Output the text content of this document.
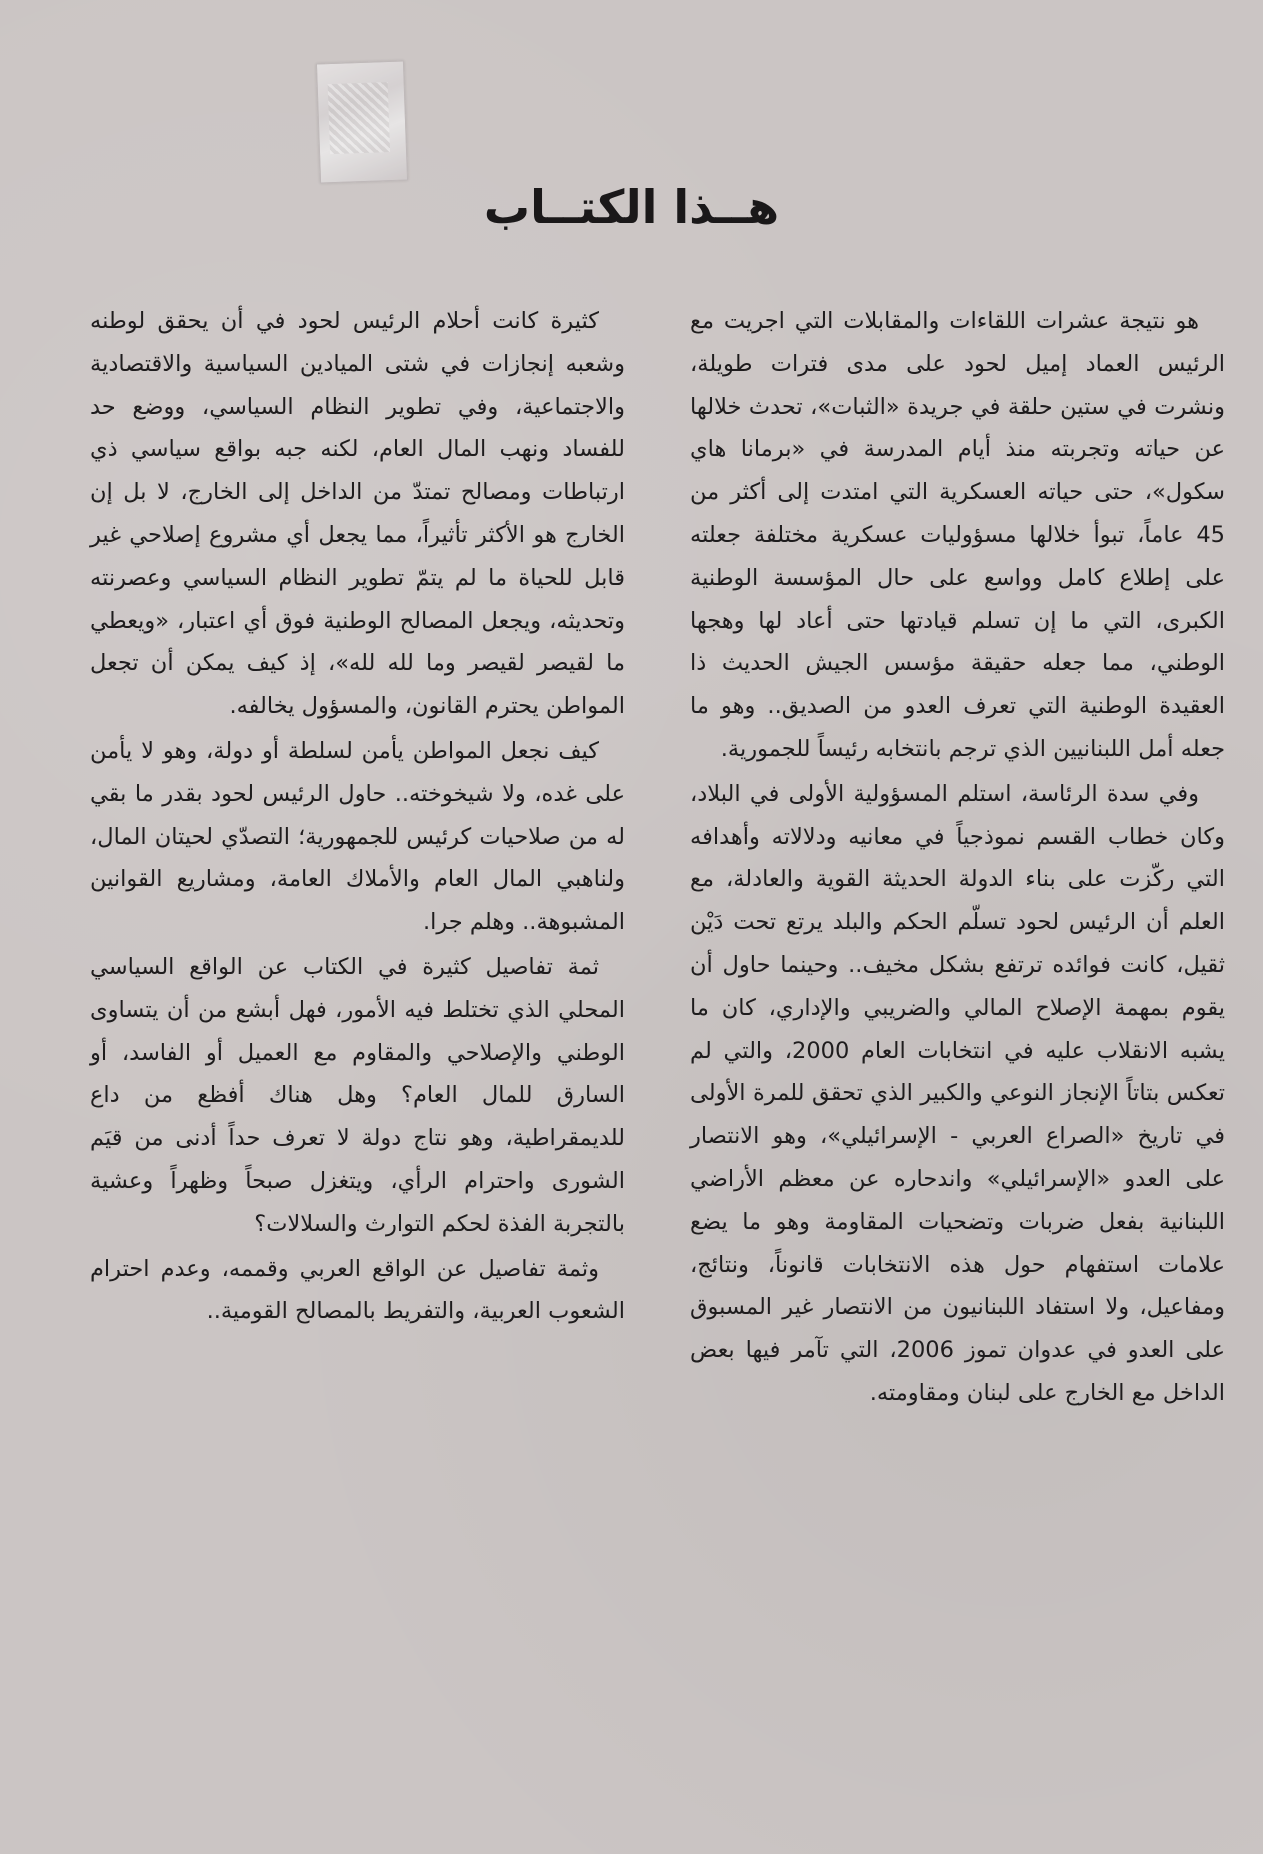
هــذا الكتــاب

هو نتيجة عشرات اللقاءات والمقابلات التي اجريت مع الرئيس العماد إميل لحود على مدى فترات طويلة، ونشرت في ستين حلقة في جريدة «الثبات»، تحدث خلالها عن حياته وتجربته منذ أيام المدرسة في «برمانا هاي سكول»، حتى حياته العسكرية التي امتدت إلى أكثر من 45 عاماً، تبوأ خلالها مسؤوليات عسكرية مختلفة جعلته على إطلاع كامل وواسع على حال المؤسسة الوطنية الكبرى، التي ما إن تسلم قيادتها حتى أعاد لها وهجها الوطني، مما جعله حقيقة مؤسس الجيش الحديث ذا العقيدة الوطنية التي تعرف العدو من الصديق.. وهو ما جعله أمل اللبنانيين الذي ترجم بانتخابه رئيساً للجمورية.

وفي سدة الرئاسة، استلم المسؤولية الأولى في البلاد، وكان خطاب القسم نموذجياً في معانيه ودلالاته وأهدافه التي ركّزت على بناء الدولة الحديثة القوية والعادلة، مع العلم أن الرئيس لحود تسلّم الحكم والبلد يرتع تحت دَيْن ثقيل، كانت فوائده ترتفع بشكل مخيف.. وحينما حاول أن يقوم بمهمة الإصلاح المالي والضريبي والإداري، كان ما يشبه الانقلاب عليه في انتخابات العام 2000، والتي لم تعكس بتاتاً الإنجاز النوعي والكبير الذي تحقق للمرة الأولى في تاريخ «الصراع العربي - الإسرائيلي»، وهو الانتصار على العدو «الإسرائيلي» واندحاره عن معظم الأراضي اللبنانية بفعل ضربات وتضحيات المقاومة وهو ما يضع علامات استفهام حول هذه الانتخابات قانوناً، ونتائج، ومفاعيل، ولا استفاد اللبنانيون من الانتصار غير المسبوق على العدو في عدوان تموز 2006، التي تآمر فيها بعض الداخل مع الخارج على لبنان ومقاومته.

كثيرة كانت أحلام الرئيس لحود في أن يحقق لوطنه وشعبه إنجازات في شتى الميادين السياسية والاقتصادية والاجتماعية، وفي تطوير النظام السياسي، ووضع حد للفساد ونهب المال العام، لكنه جبه بواقع سياسي ذي ارتباطات ومصالح تمتدّ من الداخل إلى الخارج، لا بل إن الخارج هو الأكثر تأثيراً، مما يجعل أي مشروع إصلاحي غير قابل للحياة ما لم يتمّ تطوير النظام السياسي وعصرنته وتحديثه، ويجعل المصالح الوطنية فوق أي اعتبار، «ويعطي ما لقيصر لقيصر وما لله لله»، إذ كيف يمكن أن تجعل المواطن يحترم القانون، والمسؤول يخالفه.

كيف نجعل المواطن يأمن لسلطة أو دولة، وهو لا يأمن على غده، ولا شيخوخته.. حاول الرئيس لحود بقدر ما بقي له من صلاحيات كرئيس للجمهورية؛ التصدّي لحيتان المال، ولناهبي المال العام والأملاك العامة، ومشاريع القوانين المشبوهة.. وهلم جرا.

ثمة تفاصيل كثيرة في الكتاب عن الواقع السياسي المحلي الذي تختلط فيه الأمور، فهل أبشع من أن يتساوى الوطني والإصلاحي والمقاوم مع العميل أو الفاسد، أو السارق للمال العام؟ وهل هناك أفظع من داع للديمقراطية، وهو نتاج دولة لا تعرف حداً أدنى من قيَم الشورى واحترام الرأي، ويتغزل صبحاً وظهراً وعشية بالتجربة الفذة لحكم التوارث والسلالات؟

وثمة تفاصيل عن الواقع العربي وقممه، وعدم احترام الشعوب العربية، والتفريط بالمصالح القومية..
